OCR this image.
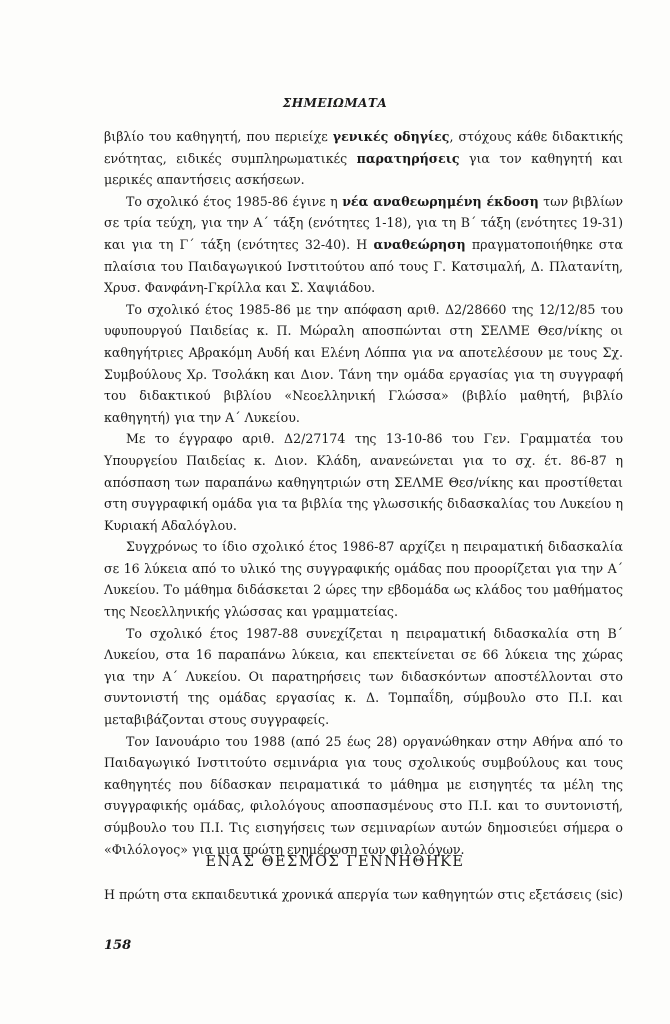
ΣΗΜΕΙΩΜΑΤΑ

βιβλίο του καθηγητή, που περιείχε γενικές οδηγίες, στόχους κάθε διδακτικής ενότητας, ειδικές συμπληρωματικές παρατηρήσεις για τον καθηγητή και μερικές απαντήσεις ασκήσεων.

Το σχολικό έτος 1985-86 έγινε η νέα αναθεωρημένη έκδοση των βιβλίων σε τρία τεύχη, για την Α΄ τάξη (ενότητες 1-18), για τη Β΄ τάξη (ενότητες 19-31) και για τη Γ΄ τάξη (ενότητες 32-40). Η αναθεώρηση πραγματοποιήθηκε στα πλαίσια του Παιδαγωγικού Ινστιτούτου από τους Γ. Κατσιμαλή, Δ. Πλατανίτη, Χρυσ. Φανφάνη-Γκρίλλα και Σ. Χαψιάδου.

Το σχολικό έτος 1985-86 με την απόφαση αριθ. Δ2/28660 της 12/12/85 του υφυπουργού Παιδείας κ. Π. Μώραλη αποσπώνται στη ΣΕΛΜΕ Θεσ/νίκης οι καθηγήτριες Αβρακόμη Αυδή και Ελένη Λόππα για να αποτελέσουν με τους Σχ. Συμβούλους Χρ. Τσολάκη και Διον. Τάνη την ομάδα εργασίας για τη συγγραφή του διδακτικού βιβλίου «Νεοελληνική Γλώσσα» (βιβλίο μαθητή, βιβλίο καθηγητή) για την Α΄ Λυκείου.

Με το έγγραφο αριθ. Δ2/27174 της 13-10-86 του Γεν. Γραμματέα του Υπουργείου Παιδείας κ. Διον. Κλάδη, ανανεώνεται για το σχ. έτ. 86-87 η απόσπαση των παραπάνω καθηγητριών στη ΣΕΛΜΕ Θεσ/νίκης και προστίθεται στη συγγραφική ομάδα για τα βιβλία της γλωσσικής διδασκαλίας του Λυκείου η Κυριακή Αδαλόγλου.

Συγχρόνως το ίδιο σχολικό έτος 1986-87 αρχίζει η πειραματική διδασκαλία σε 16 λύκεια από το υλικό της συγγραφικής ομάδας που προορίζεται για την Α΄ Λυκείου. Το μάθημα διδάσκεται 2 ώρες την εβδομάδα ως κλάδος του μαθήματος της Νεοελληνικής γλώσσας και γραμματείας.

Το σχολικό έτος 1987-88 συνεχίζεται η πειραματική διδασκαλία στη Β΄ Λυκείου, στα 16 παραπάνω λύκεια, και επεκτείνεται σε 66 λύκεια της χώρας για την Α΄ Λυκείου. Οι παρατηρήσεις των διδασκόντων αποστέλλονται στο συντονιστή της ομάδας εργασίας κ. Δ. Τομπαΐδη, σύμβουλο στο Π.Ι. και μεταβιβάζονται στους συγγραφείς.

Τον Ιανουάριο του 1988 (από 25 έως 28) οργανώθηκαν στην Αθήνα από το Παιδαγωγικό Ινστιτούτο σεμινάρια για τους σχολικούς συμβούλους και τους καθηγητές που δίδασκαν πειραματικά το μάθημα με εισηγητές τα μέλη της συγγραφικής ομάδας, φιλολόγους αποσπασμένους στο Π.Ι. και το συντονιστή, σύμβουλο του Π.Ι. Τις εισηγήσεις των σεμιναρίων αυτών δημοσιεύει σήμερα ο «Φιλόλογος» για μια πρώτη ενημέρωση των φιλολόγων.

ΕΝΑΣ ΘΕΣΜΟΣ ΓΕΝΝΗΘΗΚΕ
Η πρώτη στα εκπαιδευτικά χρονικά απεργία των καθηγητών στις εξετάσεις (sic)
158
